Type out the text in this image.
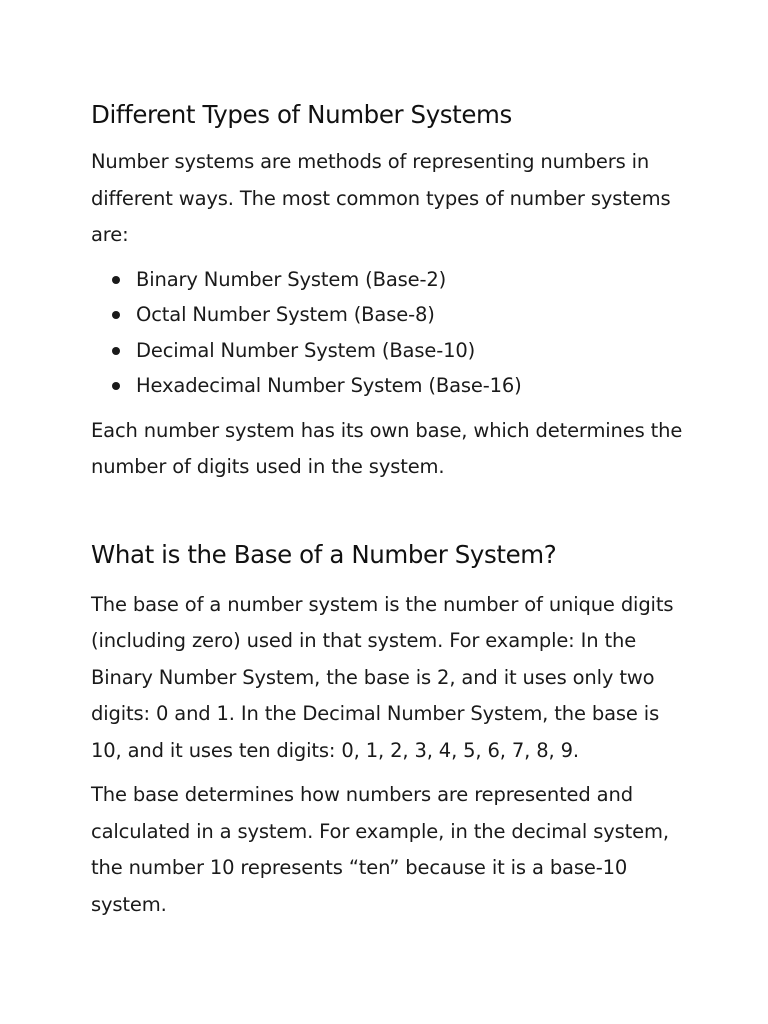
Different Types of Number Systems

Number systems are methods of representing numbers in different ways. The most common types of number systems are:

Binary Number System (Base-2)
Octal Number System (Base-8)
Decimal Number System (Base-10)
Hexadecimal Number System (Base-16)

Each number system has its own base, which determines the number of digits used in the system.

What is the Base of a Number System?

The base of a number system is the number of unique digits (including zero) used in that system. For example: In the Binary Number System, the base is 2, and it uses only two digits: 0 and 1. In the Decimal Number System, the base is 10, and it uses ten digits: 0, 1, 2, 3, 4, 5, 6, 7, 8, 9.

The base determines how numbers are represented and calculated in a system. For example, in the decimal system, the number 10 represents “ten” because it is a base-10 system.
